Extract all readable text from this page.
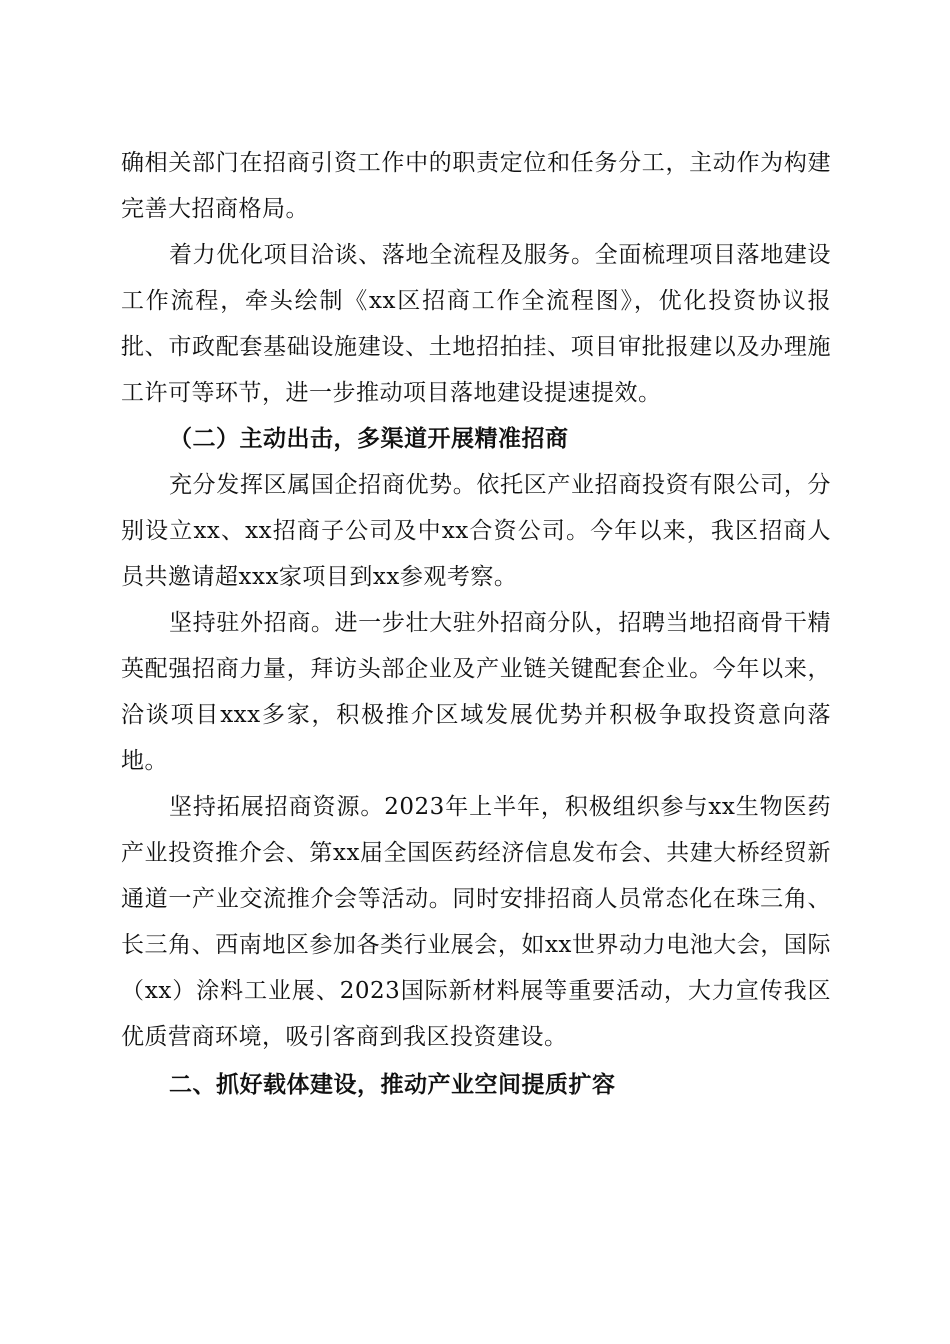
确相关部门在招商引资工作中的职责定位和任务分工，主动作为构建完善大招商格局。

着力优化项目洽谈、落地全流程及服务。全面梳理项目落地建设工作流程，牵头绘制《xx区招商工作全流程图》，优化投资协议报批、市政配套基础设施建设、土地招拍挂、项目审批报建以及办理施工许可等环节，进一步推动项目落地建设提速提效。

（二）主动出击，多渠道开展精准招商

充分发挥区属国企招商优势。依托区产业招商投资有限公司，分别设立xx、xx招商子公司及中xx合资公司。今年以来，我区招商人员共邀请超xxx家项目到xx参观考察。

坚持驻外招商。进一步壮大驻外招商分队，招聘当地招商骨干精英配强招商力量，拜访头部企业及产业链关键配套企业。今年以来，洽谈项目xxx多家，积极推介区域发展优势并积极争取投资意向落地。

坚持拓展招商资源。2023年上半年，积极组织参与xx生物医药产业投资推介会、第xx届全国医药经济信息发布会、共建大桥经贸新通道一产业交流推介会等活动。同时安排招商人员常态化在珠三角、长三角、西南地区参加各类行业展会，如xx世界动力电池大会，国际（xx）涂料工业展、2023国际新材料展等重要活动，大力宣传我区优质营商环境，吸引客商到我区投资建设。

二、抓好载体建设，推动产业空间提质扩容
